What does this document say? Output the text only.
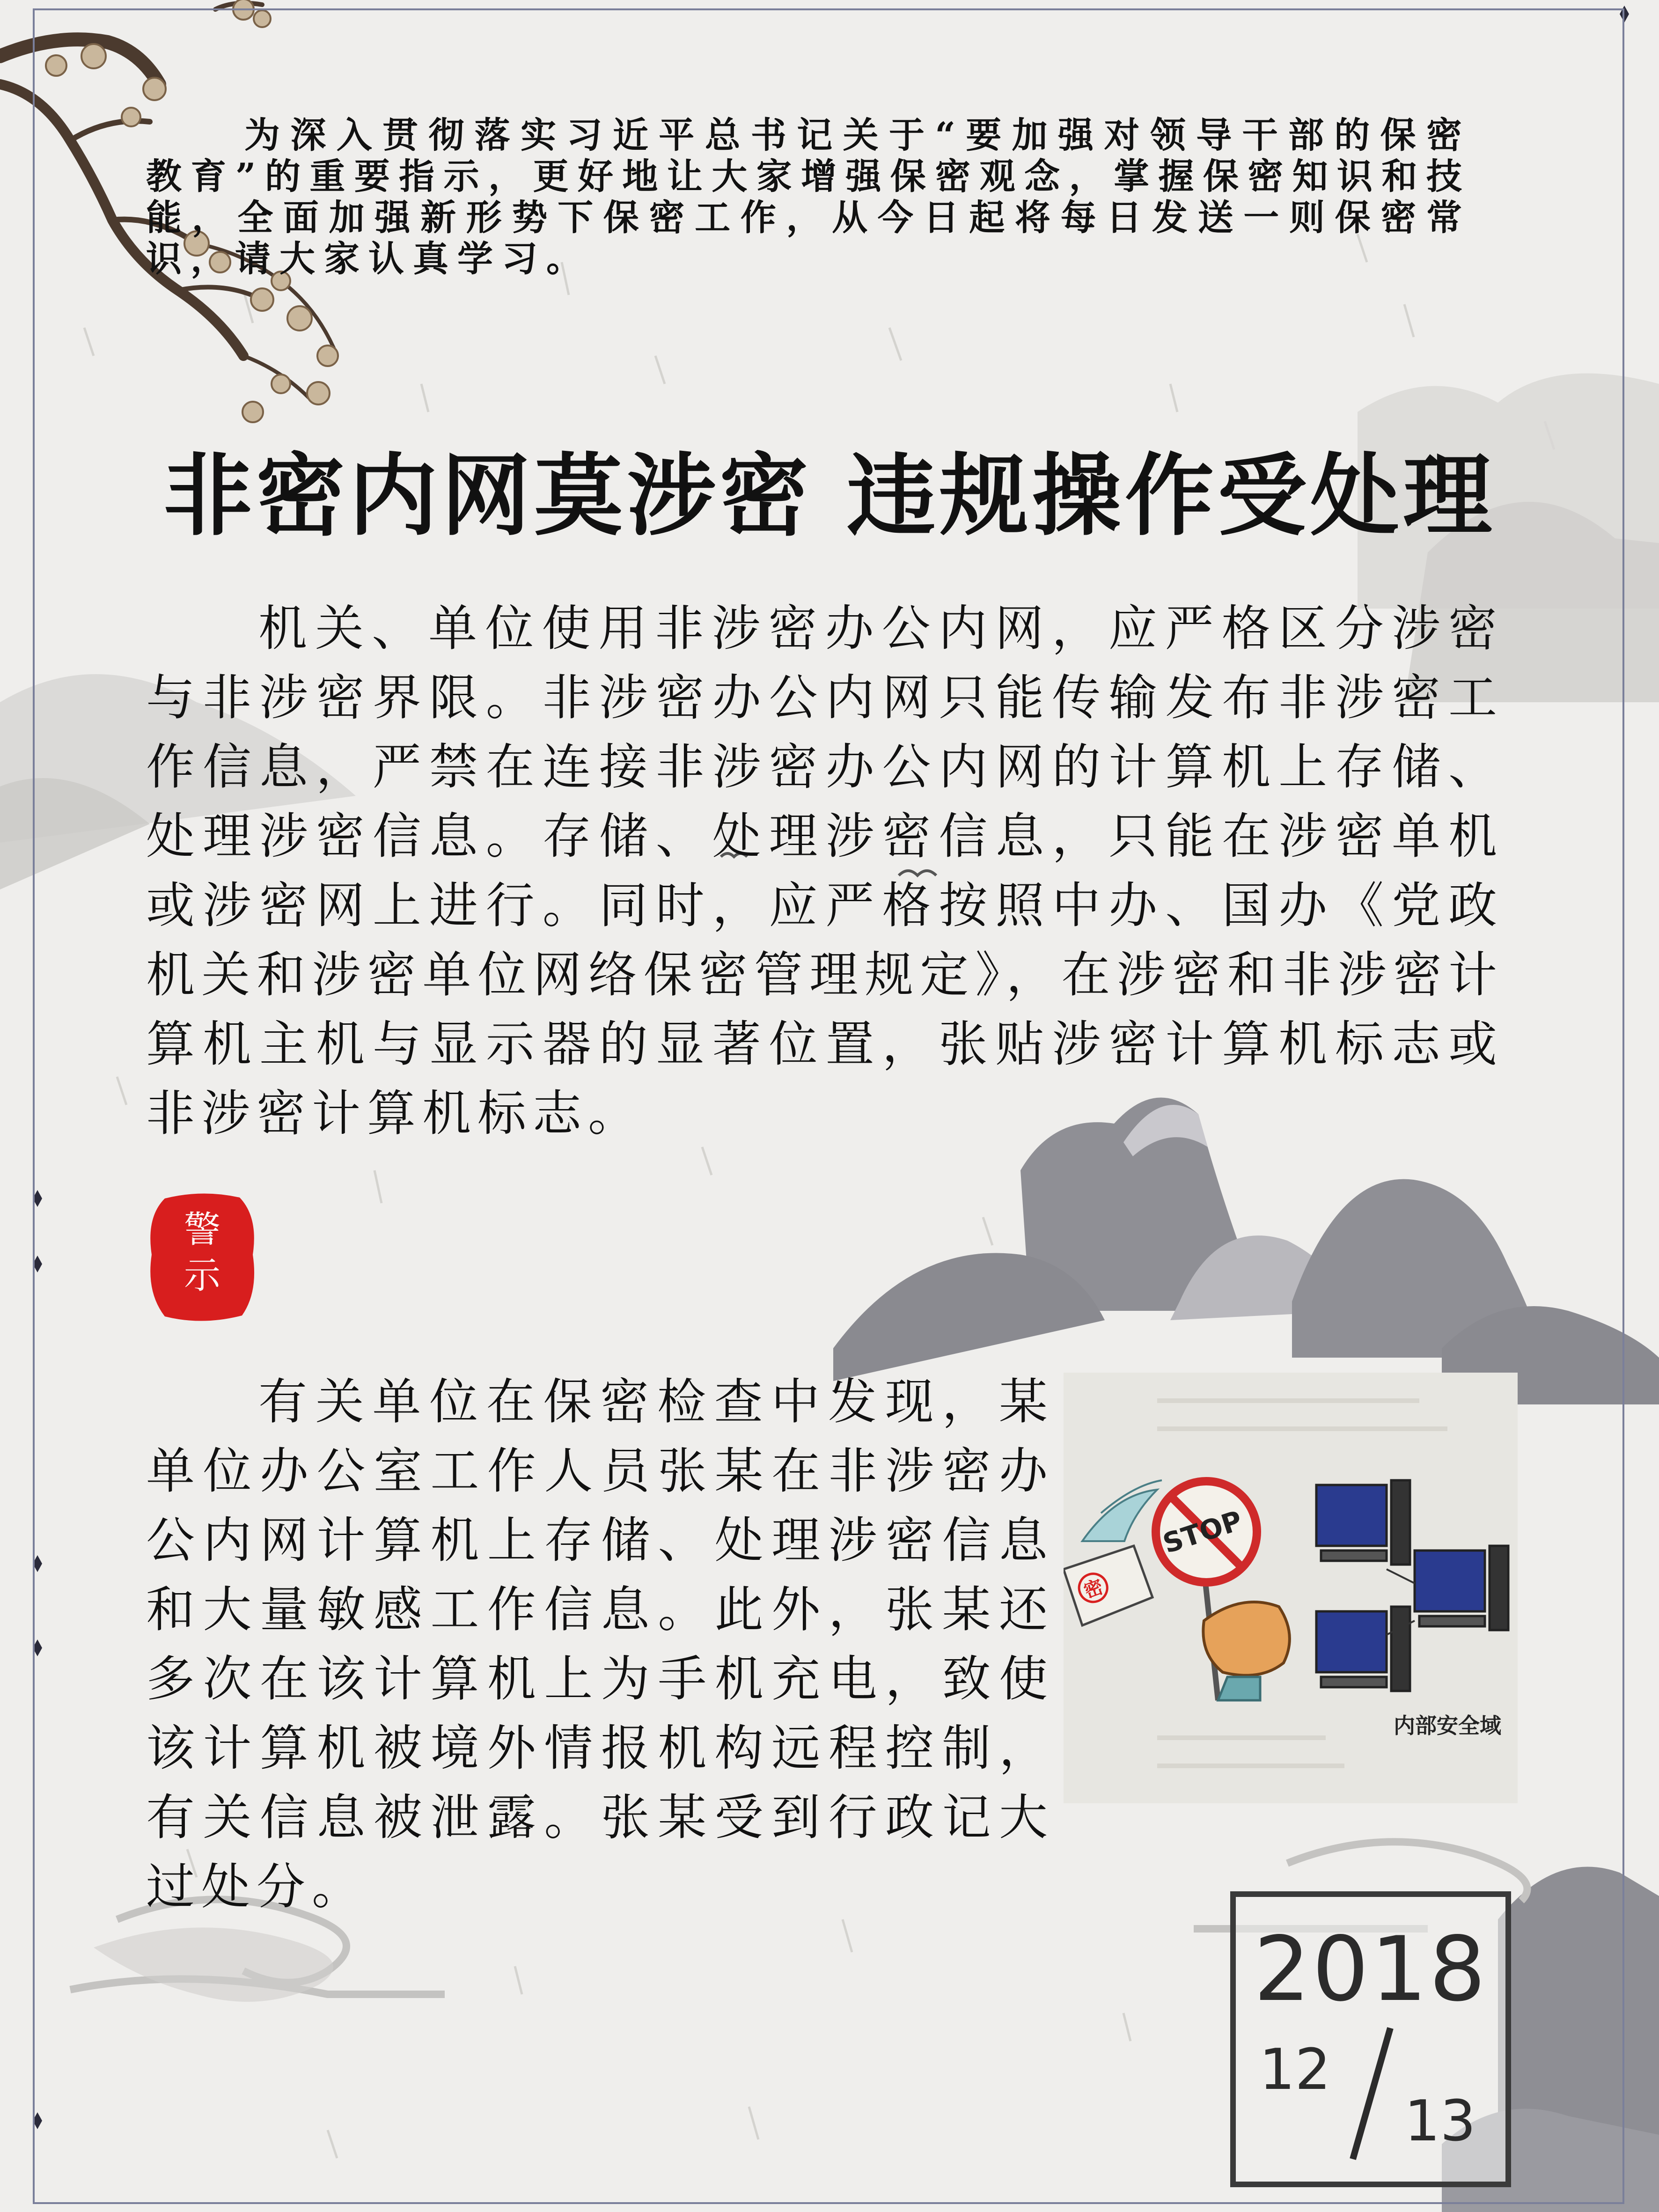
为深入贯彻落实习近平总书记关于“要加强对领导干部的保密教育”的重要指示，更好地让大家增强保密观念，掌握保密知识和技能，全面加强新形势下保密工作，从今日起将每日发送一则保密常识，请大家认真学习。
非密内网莫涉密 违规操作受处理
机关、单位使用非涉密办公内网，应严格区分涉密与非涉密界限。非涉密办公内网只能传输发布非涉密工作信息，严禁在连接非涉密办公内网的计算机上存储、处理涉密信息。存储、处理涉密信息，只能在涉密单机或涉密网上进行。同时，应严格按照中办、国办《党政机关和涉密单位网络保密管理规定》，在涉密和非涉密计算机主机与显示器的显著位置，张贴涉密计算机标志或非涉密计算机标志。
警
示
有关单位在保密检查中发现，某单位办公室工作人员张某在非涉密办公内网计算机上存储、处理涉密信息和大量敏感工作信息。此外，张某还多次在该计算机上为手机充电，致使该计算机被境外情报机构远程控制，有关信息被泄露。张某受到行政记大过处分。
密
STOP
内部安全域
2018
12
13
